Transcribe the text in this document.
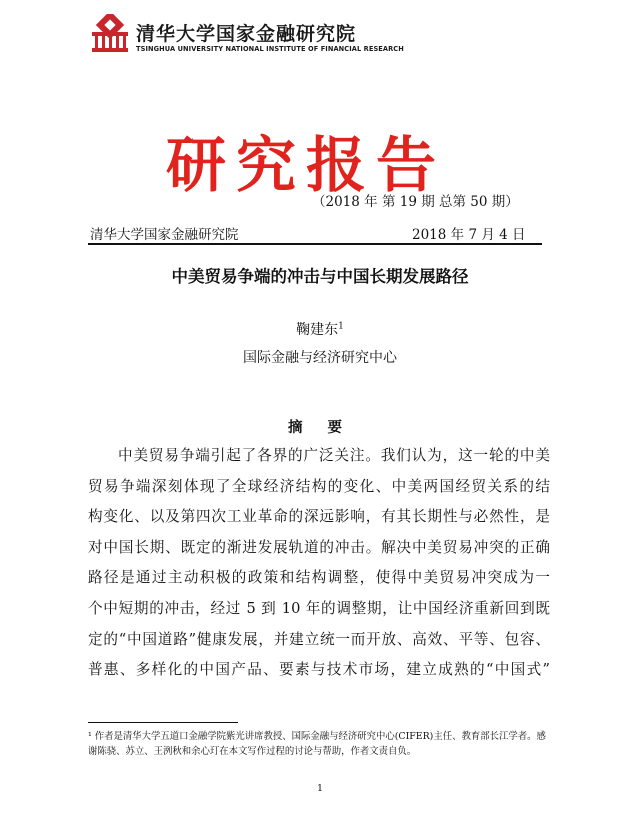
清华大学国家金融研究院
TSINGHUA UNIVERSITY NATIONAL INSTITUTE OF FINANCIAL RESEARCH
研究报告
（2018 年 第 19 期 总第 50 期）
清华大学国家金融研究院	2018 年 7 月 4 日
中美贸易争端的冲击与中国长期发展路径
鞠建东$^1$
国际金融与经济研究中心
摘 要
中美贸易争端引起了各界的广泛关注。我们认为，这一轮的中美
贸易争端深刻体现了全球经济结构的变化、中美两国经贸关系的结
构变化、以及第四次工业革命的深远影响，有其长期性与必然性，是
对中国长期、既定的渐进发展轨道的冲击。解决中美贸易冲突的正确
路径是通过主动积极的政策和结构调整，使得中美贸易冲突成为一
个中短期的冲击，经过 5 到 10 年的调整期，让中国经济重新回到既
定的“中国道路”健康发展，并建立统一而开放、高效、平等、包容、
普惠、多样化的中国产品、要素与技术市场，建立成熟的“中国式”
¹ 作者是清华大学五道口金融学院紫光讲席教授、国际金融与经济研究中心(CIFER)主任、教育部长江学者。感
谢陈骁、苏立、王洌秋和余心玎在本文写作过程的讨论与帮助，作者文责自负。
1
